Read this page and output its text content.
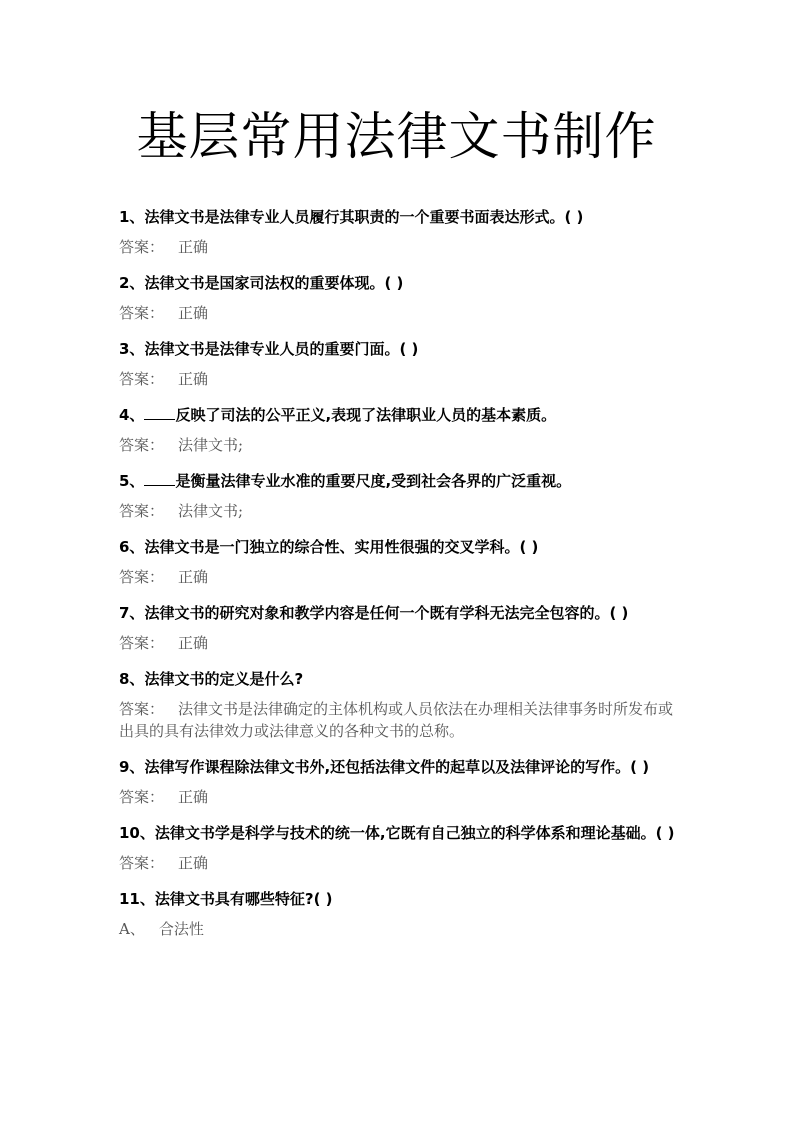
基层常用法律文书制作
1、法律文书是法律专业人员履行其职责的一个重要书面表达形式。( )
答案： 正确
2、法律文书是国家司法权的重要体现。( )
答案： 正确
3、法律文书是法律专业人员的重要门面。( )
答案： 正确
4、 反映了司法的公平正义,表现了法律职业人员的基本素质。
答案： 法律文书;
5、 是衡量法律专业水准的重要尺度,受到社会各界的广泛重视。
答案： 法律文书;
6、法律文书是一门独立的综合性、实用性很强的交叉学科。( )
答案： 正确
7、法律文书的研究对象和教学内容是任何一个既有学科无法完全包容的。( )
答案： 正确
8、法律文书的定义是什么?
答案： 法律文书是法律确定的主体机构或人员依法在办理相关法律事务时所发布或出具的具有法律效力或法律意义的各种文书的总称。
9、法律写作课程除法律文书外,还包括法律文件的起草以及法律评论的写作。( )
答案： 正确
10、法律文书学是科学与技术的统一体,它既有自己独立的科学体系和理论基础。( )
答案： 正确
11、法律文书具有哪些特征?( )
A、 合法性
